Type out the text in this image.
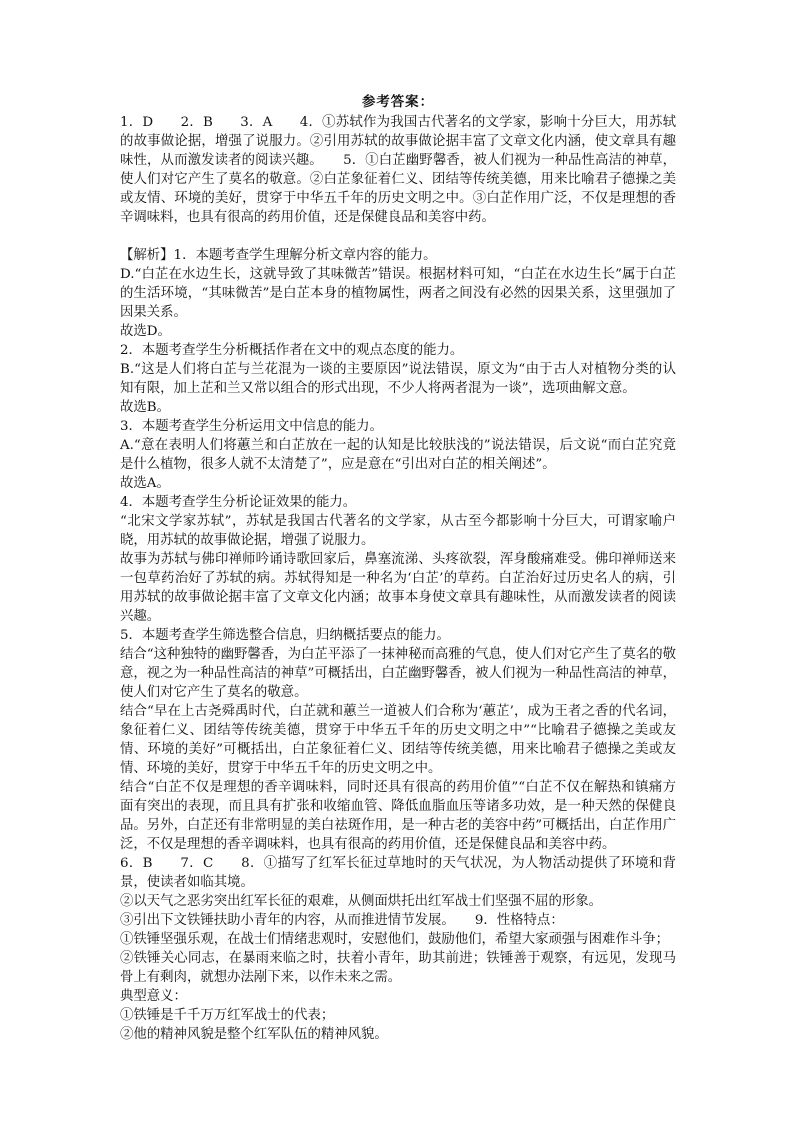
参考答案：

1．D　　2．B　　3．A　　4．①苏轼作为我国古代著名的文学家，影响十分巨大，用苏轼的故事做论据，增强了说服力。②引用苏轼的故事做论据丰富了文章文化内涵，使文章具有趣味性，从而激发读者的阅读兴趣。　　5．①白芷幽野馨香，被人们视为一种品性高洁的神草，使人们对它产生了莫名的敬意。②白芷象征着仁义、团结等传统美德，用来比喻君子德操之美或友情、环境的美好，贯穿于中华五千年的历史文明之中。③白芷作用广泛，不仅是理想的香辛调味料，也具有很高的药用价值，还是保健良品和美容中药。

【解析】1．本题考查学生理解分析文章内容的能力。

D.“白芷在水边生长，这就导致了其味微苦”错误。根据材料可知，“白芷在水边生长”属于白芷的生活环境，“其味微苦”是白芷本身的植物属性，两者之间没有必然的因果关系，这里强加了因果关系。

故选D。

2．本题考查学生分析概括作者在文中的观点态度的能力。

B.“这是人们将白芷与兰花混为一谈的主要原因”说法错误，原文为“由于古人对植物分类的认知有限，加上芷和兰又常以组合的形式出现，不少人将两者混为一谈”，选项曲解文意。

故选B。

3．本题考查学生分析运用文中信息的能力。

A.“意在表明人们将蕙兰和白芷放在一起的认知是比较肤浅的”说法错误，后文说“而白芷究竟是什么植物，很多人就不太清楚了”，应是意在“引出对白芷的相关阐述”。

故选A。

4．本题考查学生分析论证效果的能力。

“北宋文学家苏轼”，苏轼是我国古代著名的文学家，从古至今都影响十分巨大，可谓家喻户晓，用苏轼的故事做论据，增强了说服力。

故事为苏轼与佛印禅师吟诵诗歌回家后，鼻塞流涕、头疼欲裂，浑身酸痛难受。佛印禅师送来一包草药治好了苏轼的病。苏轼得知是一种名为‘白芷’的草药。白芷治好过历史名人的病，引用苏轼的故事做论据丰富了文章文化内涵；故事本身使文章具有趣味性，从而激发读者的阅读兴趣。

5．本题考查学生筛选整合信息，归纳概括要点的能力。

结合“这种独特的幽野馨香，为白芷平添了一抹神秘而高雅的气息，使人们对它产生了莫名的敬意，视之为一种品性高洁的神草”可概括出，白芷幽野馨香，被人们视为一种品性高洁的神草，使人们对它产生了莫名的敬意。

结合“早在上古尧舜禹时代，白芷就和蕙兰一道被人们合称为‘蕙芷’，成为王者之香的代名词，象征着仁义、团结等传统美德，贯穿于中华五千年的历史文明之中”“比喻君子德操之美或友情、环境的美好”可概括出，白芷象征着仁义、团结等传统美德，用来比喻君子德操之美或友情、环境的美好，贯穿于中华五千年的历史文明之中。

结合“白芷不仅是理想的香辛调味料，同时还具有很高的药用价值”“白芷不仅在解热和镇痛方面有突出的表现，而且具有扩张和收缩血管、降低血脂血压等诸多功效，是一种天然的保健良品。另外，白芷还有非常明显的美白祛斑作用，是一种古老的美容中药”可概括出，白芷作用广泛，不仅是理想的香辛调味料，也具有很高的药用价值，还是保健良品和美容中药。

6．B　　7．C　　8．①描写了红军长征过草地时的天气状况，为人物活动提供了环境和背景，使读者如临其境。

②以天气之恶劣突出红军长征的艰难，从侧面烘托出红军战士们坚强不屈的形象。

③引出下文铁锤扶助小青年的内容，从而推进情节发展。　　9．性格特点：

①铁锤坚强乐观，在战士们情绪悲观时，安慰他们，鼓励他们，希望大家顽强与困难作斗争；

②铁锤关心同志，在暴雨来临之时，扶着小青年，助其前进；铁锤善于观察，有远见，发现马骨上有剩肉，就想办法剐下来，以作未来之需。

典型意义：

①铁锤是千千万万红军战士的代表；

②他的精神风貌是整个红军队伍的精神风貌。
